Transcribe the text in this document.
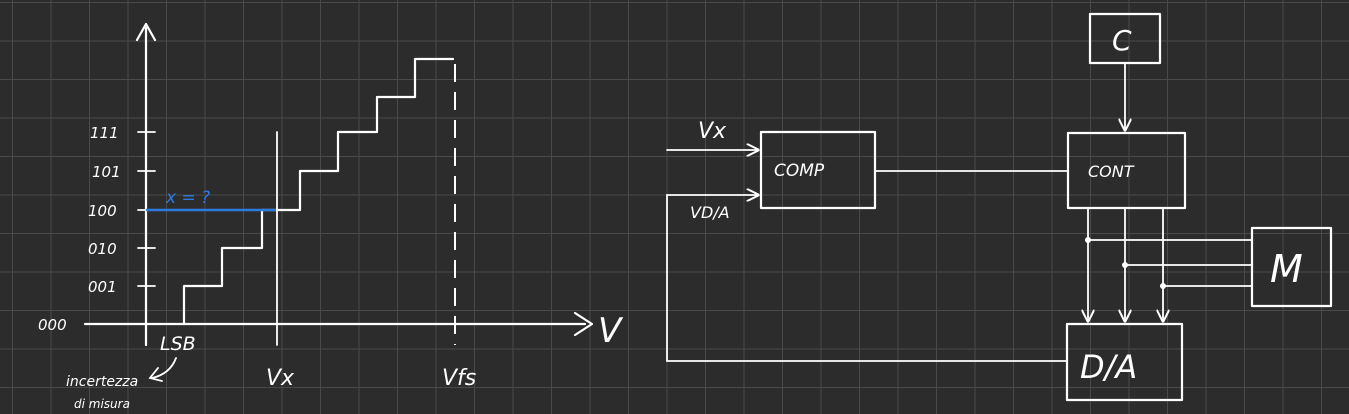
111
101
100
010
001
000
x = ?
Vx	Vfs
LSB	V
incertezza
di misura
Vx
VD/A
COMP
C
CONT
M
D/A
